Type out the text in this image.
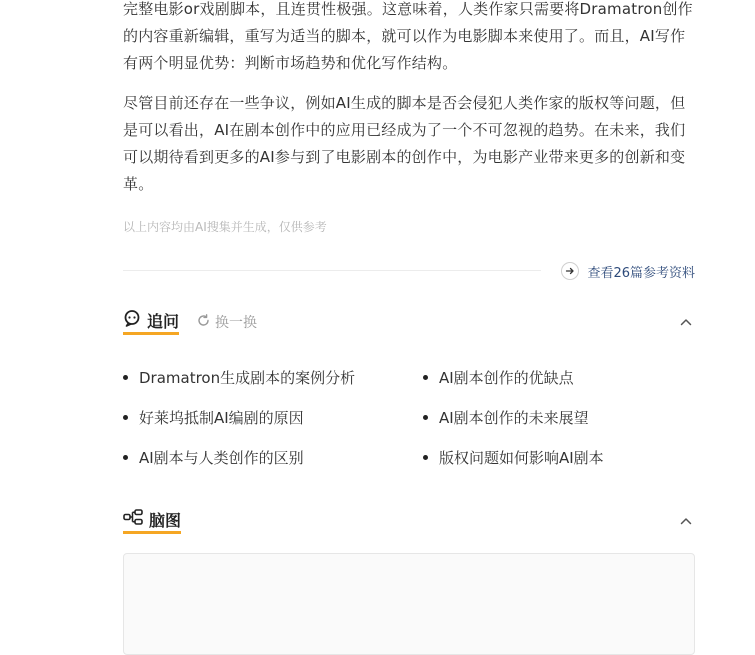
完整电影or戏剧脚本，且连贯性极强。这意味着，人类作家只需要将Dramatron创作的内容重新编辑，重写为适当的脚本，就可以作为电影脚本来使用了。而且，AI写作有两个明显优势：判断市场趋势和优化写作结构。

尽管目前还存在一些争议，例如AI生成的脚本是否会侵犯人类作家的版权等问题，但是可以看出，AI在剧本创作中的应用已经成为了一个不可忽视的趋势。在未来，我们可以期待看到更多的AI参与到了电影剧本的创作中，为电影产业带来更多的创新和变革。

以上内容均由AI搜集并生成，仅供参考
查看26篇参考资料
追问	换一换
Dramatron生成剧本的案例分析	AI剧本创作的优缺点
好莱坞抵制AI编剧的原因	AI剧本创作的未来展望
AI剧本与人类创作的区别	版权问题如何影响AI剧本
脑图
